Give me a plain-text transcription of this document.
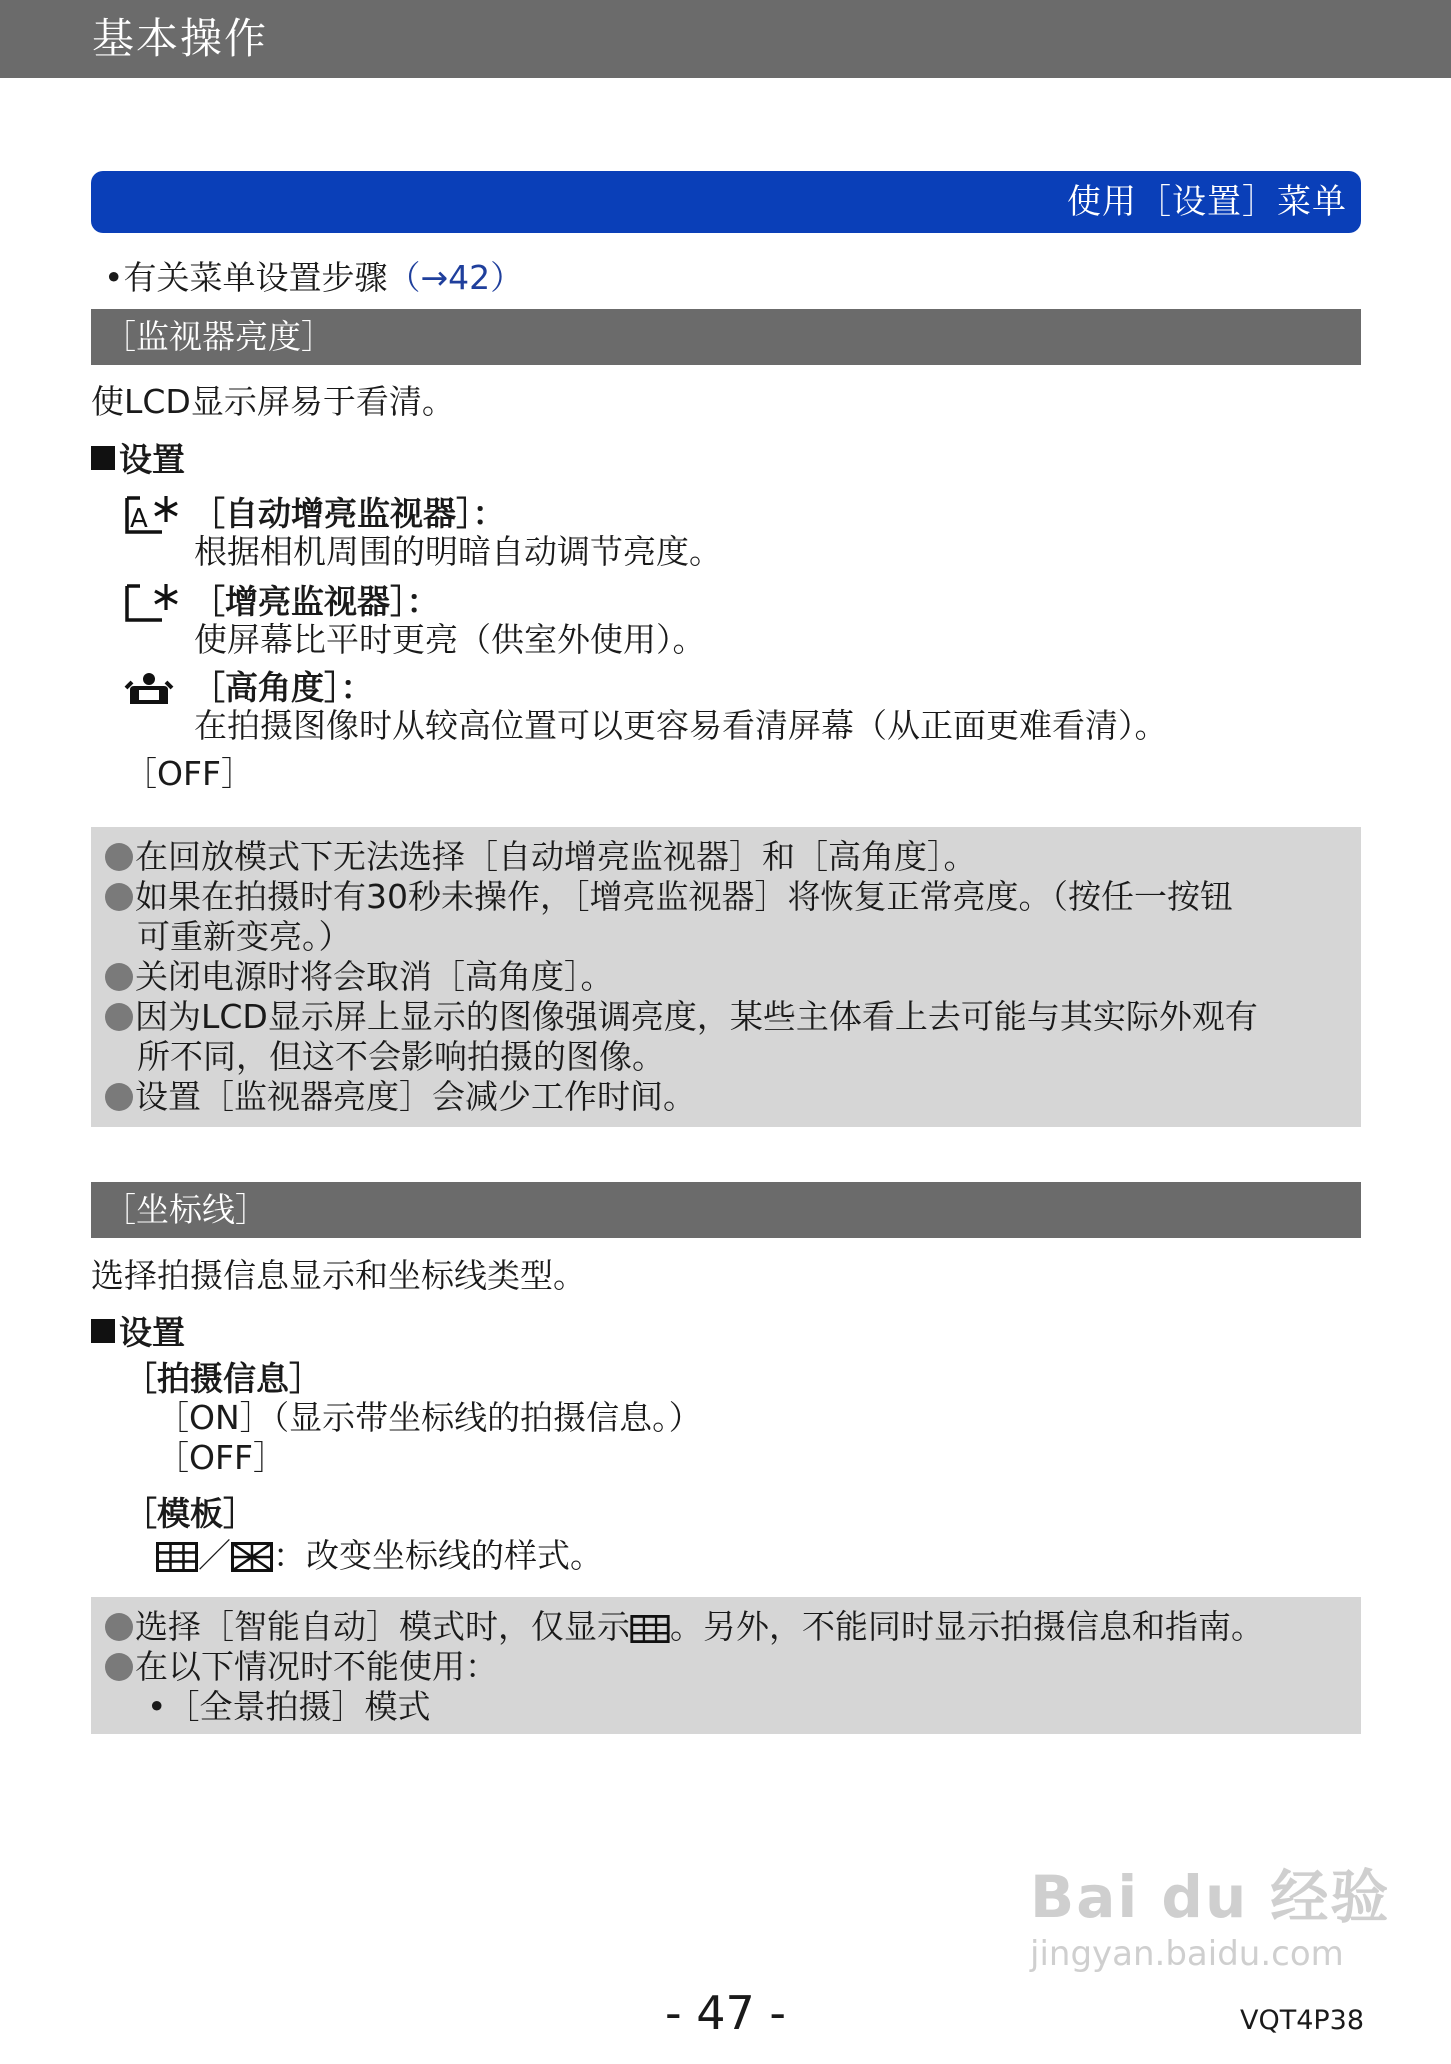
基本操作
使用［设置］菜单
•有关菜单设置步骤（→42）
［监视器亮度］
使LCD显示屏易于看清。
设置
A ［自动增亮监视器］：
根据相机周围的明暗自动调节亮度。
［增亮监视器］：
使屏幕比平时更亮（供室外使用）。
［高角度］：
在拍摄图像时从较高位置可以更容易看清屏幕（从正面更难看清）。
［OFF］
在回放模式下无法选择［自动增亮监视器］和［高角度］。
如果在拍摄时有30秒未操作，［增亮监视器］将恢复正常亮度。（按任一按钮
可重新变亮。）
关闭电源时将会取消［高角度］。
因为LCD显示屏上显示的图像强调亮度，某些主体看上去可能与其实际外观有
所不同，但这不会影响拍摄的图像。
设置［监视器亮度］会减少工作时间。
［坐标线］
选择拍摄信息显示和坐标线类型。
设置
［拍摄信息］
［ON］（显示带坐标线的拍摄信息。）
［OFF］
［模板］
／ ：改变坐标线的样式。
选择［智能自动］模式时，仅显示 。另外，不能同时显示拍摄信息和指南。
在以下情况时不能使用：
•［全景拍摄］模式
Bai du 经验
jingyan.baidu.com
- 47 -	VQT4P38
